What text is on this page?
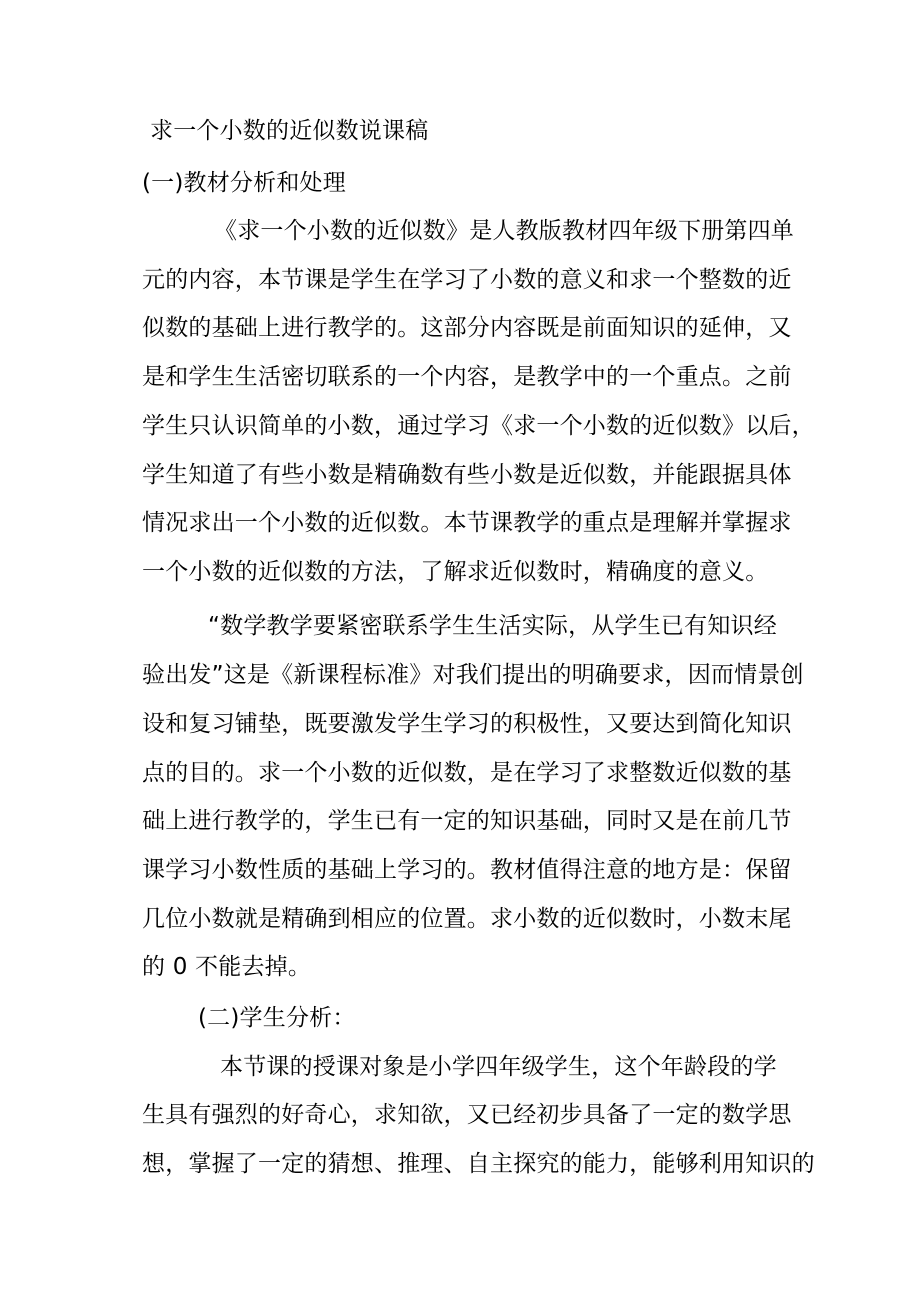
求一个小数的近似数说课稿
(一)教材分析和处理
《求一个小数的近似数》是人教版教材四年级下册第四单
元的内容，本节课是学生在学习了小数的意义和求一个整数的近
似数的基础上进行教学的。这部分内容既是前面知识的延伸，又
是和学生生活密切联系的一个内容，是教学中的一个重点。之前
学生只认识简单的小数，通过学习《求一个小数的近似数》以后，
学生知道了有些小数是精确数有些小数是近似数，并能跟据具体
情况求出一个小数的近似数。本节课教学的重点是理解并掌握求
一个小数的近似数的方法，了解求近似数时，精确度的意义。
“数学教学要紧密联系学生生活实际，从学生已有知识经
验出发”这是《新课程标准》对我们提出的明确要求，因而情景创
设和复习铺垫，既要激发学生学习的积极性，又要达到简化知识
点的目的。求一个小数的近似数，是在学习了求整数近似数的基
础上进行教学的，学生已有一定的知识基础，同时又是在前几节
课学习小数性质的基础上学习的。教材值得注意的地方是：保留
几位小数就是精确到相应的位置。求小数的近似数时，小数末尾
的 0 不能去掉。
(二)学生分析：
本节课的授课对象是小学四年级学生，这个年龄段的学
生具有强烈的好奇心，求知欲，又已经初步具备了一定的数学思
想，掌握了一定的猜想、推理、自主探究的能力，能够利用知识的
